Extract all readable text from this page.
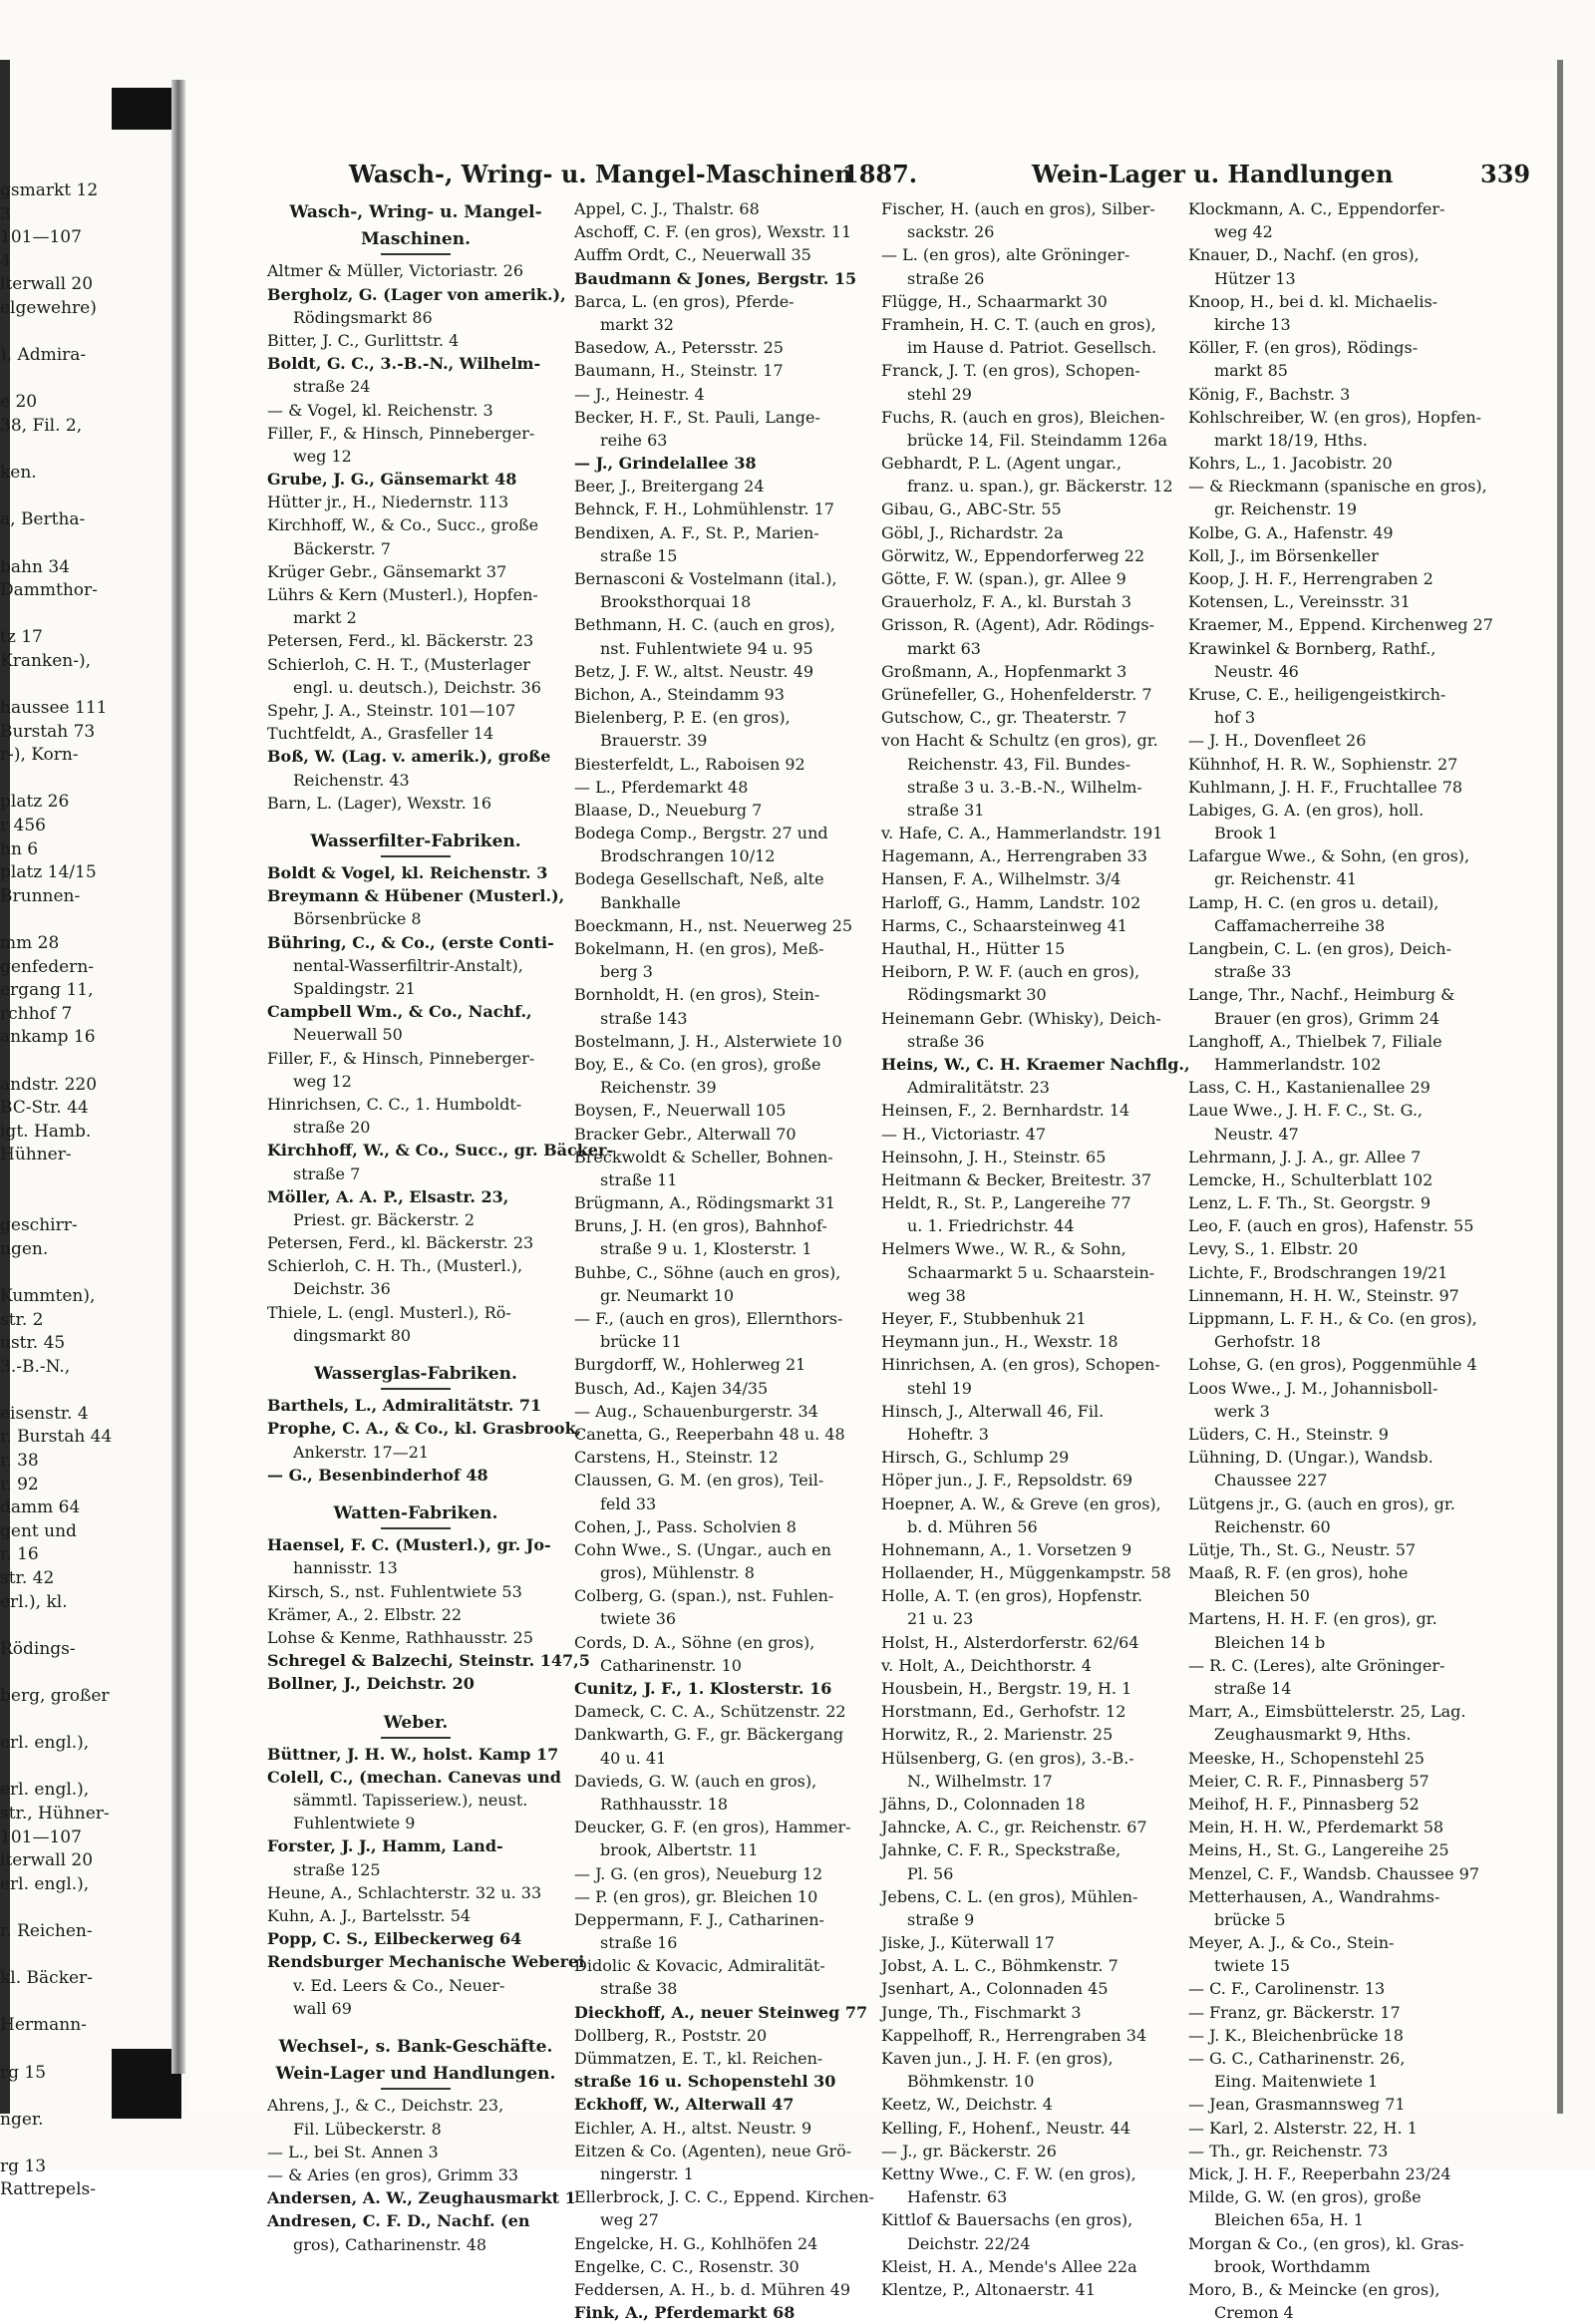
gsmarkt 12
3
101—107
4
lterwall 20
elgewehre)
), Admira-
e 20
38, Fil. 2,
ken.
a, Bertha-
bahn 34
Dammthor-
tz 17
Kranken-),
haussee 111
Burstah 73
r-), Korn-
platz 26
r 456
hn 6
platz 14/15
Brunnen-
mm 28
genfedern-
ergang 11,
rchhof 7
ankamp 16
andstr. 220
BC-Str. 44
igt. Hamb.
Hühner-
geschirr-
ngen.
Kummten),
str. 2
ustr. 45
3.-B.-N.,
eisenstr. 4
r. Burstah 44
r. 38
r. 92
damm 64
gent und
r. 16
str. 42
erl.), kl.
Rödings-
berg, großer
erl. engl.),
erl. engl.),
str., Hühner-
101—107
lterwall 20
erl. engl.),
r. Reichen-
kl. Bäcker-
Hermann-
rg 15
nger.
rg 13
Rattrepels-
Wasch-, Wring- u. Mangel-Maschinen
1887.	Wein-Lager u. Handlungen	339
Wasch-, Wring- u. Mangel-
Maschinen.
Altmer & Müller, Victoriastr. 26
Bergholz, G. (Lager von amerik.),
Rödingsmarkt 86
Bitter, J. C., Gurlittstr. 4
Boldt, G. C., 3.-B.-N., Wilhelm-
straße 24
— & Vogel, kl. Reichenstr. 3
Filler, F., & Hinsch, Pinneberger-
weg 12
Grube, J. G., Gänsemarkt 48
Hütter jr., H., Niedernstr. 113
Kirchhoff, W., & Co., Succ., große
Bäckerstr. 7
Krüger Gebr., Gänsemarkt 37
Lührs & Kern (Musterl.), Hopfen-
markt 2
Petersen, Ferd., kl. Bäckerstr. 23
Schierloh, C. H. T., (Musterlager
engl. u. deutsch.), Deichstr. 36
Spehr, J. A., Steinstr. 101—107
Tuchtfeldt, A., Grasfeller 14
Boß, W. (Lag. v. amerik.), große
Reichenstr. 43
Barn, L. (Lager), Wexstr. 16
Wasserfilter-Fabriken.
Boldt & Vogel, kl. Reichenstr. 3
Breymann & Hübener (Musterl.),
Börsenbrücke 8
Bühring, C., & Co., (erste Conti-
nental-Wasserfiltrir-Anstalt),
Spaldingstr. 21
Campbell Wm., & Co., Nachf.,
Neuerwall 50
Filler, F., & Hinsch, Pinneberger-
weg 12
Hinrichsen, C. C., 1. Humboldt-
straße 20
Kirchhoff, W., & Co., Succ., gr. Bäcker-
straße 7
Möller, A. A. P., Elsastr. 23,
Priest. gr. Bäckerstr. 2
Petersen, Ferd., kl. Bäckerstr. 23
Schierloh, C. H. Th., (Musterl.),
Deichstr. 36
Thiele, L. (engl. Musterl.), Rö-
dingsmarkt 80
Wasserglas-Fabriken.
Barthels, L., Admiralitätstr. 71
Prophe, C. A., & Co., kl. Grasbrook,
Ankerstr. 17—21
— G., Besenbinderhof 48
Watten-Fabriken.
Haensel, F. C. (Musterl.), gr. Jo-
hannisstr. 13
Kirsch, S., nst. Fuhlentwiete 53
Krämer, A., 2. Elbstr. 22
Lohse & Kenme, Rathhausstr. 25
Schregel & Balzechi, Steinstr. 147,5
Bollner, J., Deichstr. 20
Weber.
Büttner, J. H. W., holst. Kamp 17
Colell, C., (mechan. Canevas und
sämmtl. Tapisseriew.), neust.
Fuhlentwiete 9
Forster, J. J., Hamm, Land-
straße 125
Heune, A., Schlachterstr. 32 u. 33
Kuhn, A. J., Bartelsstr. 54
Popp, C. S., Eilbeckerweg 64
Rendsburger Mechanische Weberei
v. Ed. Leers & Co., Neuer-
wall 69
Wechsel-, s. Bank-Geschäfte.
Wein-Lager und Handlungen.
Ahrens, J., & C., Deichstr. 23,
Fil. Lübeckerstr. 8
— L., bei St. Annen 3
— & Aries (en gros), Grimm 33
Andersen, A. W., Zeughausmarkt 1
Andresen, C. F. D., Nachf. (en
gros), Catharinenstr. 48
Appel, C. J., Thalstr. 68
Aschoff, C. F. (en gros), Wexstr. 11
Auffm Ordt, C., Neuerwall 35
Baudmann & Jones, Bergstr. 15
Barca, L. (en gros), Pferde-
markt 32
Basedow, A., Petersstr. 25
Baumann, H., Steinstr. 17
— J., Heinestr. 4
Becker, H. F., St. Pauli, Lange-
reihe 63
— J., Grindelallee 38
Beer, J., Breitergang 24
Behnck, F. H., Lohmühlenstr. 17
Bendixen, A. F., St. P., Marien-
straße 15
Bernasconi & Vostelmann (ital.),
Brooksthorquai 18
Bethmann, H. C. (auch en gros),
nst. Fuhlentwiete 94 u. 95
Betz, J. F. W., altst. Neustr. 49
Bichon, A., Steindamm 93
Bielenberg, P. E. (en gros),
Brauerstr. 39
Biesterfeldt, L., Raboisen 92
— L., Pferdemarkt 48
Blaase, D., Neueburg 7
Bodega Comp., Bergstr. 27 und
Brodschrangen 10/12
Bodega Gesellschaft, Neß, alte
Bankhalle
Boeckmann, H., nst. Neuerweg 25
Bokelmann, H. (en gros), Meß-
berg 3
Bornholdt, H. (en gros), Stein-
straße 143
Bostelmann, J. H., Alsterwiete 10
Boy, E., & Co. (en gros), große
Reichenstr. 39
Boysen, F., Neuerwall 105
Bracker Gebr., Alterwall 70
Breckwoldt & Scheller, Bohnen-
straße 11
Brügmann, A., Rödingsmarkt 31
Bruns, J. H. (en gros), Bahnhof-
straße 9 u. 1, Klosterstr. 1
Buhbe, C., Söhne (auch en gros),
gr. Neumarkt 10
— F., (auch en gros), Ellernthors-
brücke 11
Burgdorff, W., Hohlerweg 21
Busch, Ad., Kajen 34/35
— Aug., Schauenburgerstr. 34
Canetta, G., Reeperbahn 48 u. 48
Carstens, H., Steinstr. 12
Claussen, G. M. (en gros), Teil-
feld 33
Cohen, J., Pass. Scholvien 8
Cohn Wwe., S. (Ungar., auch en
gros), Mühlenstr. 8
Colberg, G. (span.), nst. Fuhlen-
twiete 36
Cords, D. A., Söhne (en gros),
Catharinenstr. 10
Cunitz, J. F., 1. Klosterstr. 16
Dameck, C. C. A., Schützenstr. 22
Dankwarth, G. F., gr. Bäckergang
40 u. 41
Davieds, G. W. (auch en gros),
Rathhausstr. 18
Deucker, G. F. (en gros), Hammer-
brook, Albertstr. 11
— J. G. (en gros), Neueburg 12
— P. (en gros), gr. Bleichen 10
Deppermann, F. J., Catharinen-
straße 16
Didolic & Kovacic, Admiralität-
straße 38
Dieckhoff, A., neuer Steinweg 77
Dollberg, R., Poststr. 20
Dümmatzen, E. T., kl. Reichen-
straße 16 u. Schopenstehl 30
Eckhoff, W., Alterwall 47
Eichler, A. H., altst. Neustr. 9
Eitzen & Co. (Agenten), neue Grö-
ningerstr. 1
Ellerbrock, J. C. C., Eppend. Kirchen-
weg 27
Engelcke, H. G., Kohlhöfen 24
Engelke, C. C., Rosenstr. 30
Feddersen, A. H., b. d. Mühren 49
Fink, A., Pferdemarkt 68
Fischer, H. (auch en gros), Silber-
sackstr. 26
— L. (en gros), alte Gröninger-
straße 26
Flügge, H., Schaarmarkt 30
Framhein, H. C. T. (auch en gros),
im Hause d. Patriot. Gesellsch.
Franck, J. T. (en gros), Schopen-
stehl 29
Fuchs, R. (auch en gros), Bleichen-
brücke 14, Fil. Steindamm 126a
Gebhardt, P. L. (Agent ungar.,
franz. u. span.), gr. Bäckerstr. 12
Gibau, G., ABC-Str. 55
Göbl, J., Richardstr. 2a
Görwitz, W., Eppendorferweg 22
Götte, F. W. (span.), gr. Allee 9
Grauerholz, F. A., kl. Burstah 3
Grisson, R. (Agent), Adr. Rödings-
markt 63
Großmann, A., Hopfenmarkt 3
Grünefeller, G., Hohenfelderstr. 7
Gutschow, C., gr. Theaterstr. 7
von Hacht & Schultz (en gros), gr.
Reichenstr. 43, Fil. Bundes-
straße 3 u. 3.-B.-N., Wilhelm-
straße 31
v. Hafe, C. A., Hammerlandstr. 191
Hagemann, A., Herrengraben 33
Hansen, F. A., Wilhelmstr. 3/4
Harloff, G., Hamm, Landstr. 102
Harms, C., Schaarsteinweg 41
Hauthal, H., Hütter 15
Heiborn, P. W. F. (auch en gros),
Rödingsmarkt 30
Heinemann Gebr. (Whisky), Deich-
straße 36
Heins, W., C. H. Kraemer Nachflg.,
Admiralitätstr. 23
Heinsen, F., 2. Bernhardstr. 14
— H., Victoriastr. 47
Heinsohn, J. H., Steinstr. 65
Heitmann & Becker, Breitestr. 37
Heldt, R., St. P., Langereihe 77
u. 1. Friedrichstr. 44
Helmers Wwe., W. R., & Sohn,
Schaarmarkt 5 u. Schaarstein-
weg 38
Heyer, F., Stubbenhuk 21
Heymann jun., H., Wexstr. 18
Hinrichsen, A. (en gros), Schopen-
stehl 19
Hinsch, J., Alterwall 46, Fil.
Hoheftr. 3
Hirsch, G., Schlump 29
Höper jun., J. F., Repsoldstr. 69
Hoepner, A. W., & Greve (en gros),
b. d. Mühren 56
Hohnemann, A., 1. Vorsetzen 9
Hollaender, H., Müggenkampstr. 58
Holle, A. T. (en gros), Hopfenstr.
21 u. 23
Holst, H., Alsterdorferstr. 62/64
v. Holt, A., Deichthorstr. 4
Housbein, H., Bergstr. 19, H. 1
Horstmann, Ed., Gerhofstr. 12
Horwitz, R., 2. Marienstr. 25
Hülsenberg, G. (en gros), 3.-B.-
N., Wilhelmstr. 17
Jähns, D., Colonnaden 18
Jahncke, A. C., gr. Reichenstr. 67
Jahnke, C. F. R., Speckstraße,
Pl. 56
Jebens, C. L. (en gros), Mühlen-
straße 9
Jiske, J., Küterwall 17
Jobst, A. L. C., Böhmkenstr. 7
Jsenhart, A., Colonnaden 45
Junge, Th., Fischmarkt 3
Kappelhoff, R., Herrengraben 34
Kaven jun., J. H. F. (en gros),
Böhmkenstr. 10
Keetz, W., Deichstr. 4
Kelling, F., Hohenf., Neustr. 44
— J., gr. Bäckerstr. 26
Kettny Wwe., C. F. W. (en gros),
Hafenstr. 63
Kittlof & Bauersachs (en gros),
Deichstr. 22/24
Kleist, H. A., Mende's Allee 22a
Klentze, P., Altonaerstr. 41
Klockmann, A. C., Eppendorfer-
weg 42
Knauer, D., Nachf. (en gros),
Hützer 13
Knoop, H., bei d. kl. Michaelis-
kirche 13
Köller, F. (en gros), Rödings-
markt 85
König, F., Bachstr. 3
Kohlschreiber, W. (en gros), Hopfen-
markt 18/19, Hths.
Kohrs, L., 1. Jacobistr. 20
— & Rieckmann (spanische en gros),
gr. Reichenstr. 19
Kolbe, G. A., Hafenstr. 49
Koll, J., im Börsenkeller
Koop, J. H. F., Herrengraben 2
Kotensen, L., Vereinsstr. 31
Kraemer, M., Eppend. Kirchenweg 27
Krawinkel & Bornberg, Rathf.,
Neustr. 46
Kruse, C. E., heiligengeistkirch-
hof 3
— J. H., Dovenfleet 26
Kühnhof, H. R. W., Sophienstr. 27
Kuhlmann, J. H. F., Fruchtallee 78
Labiges, G. A. (en gros), holl.
Brook 1
Lafargue Wwe., & Sohn, (en gros),
gr. Reichenstr. 41
Lamp, H. C. (en gros u. detail),
Caffamacherreihe 38
Langbein, C. L. (en gros), Deich-
straße 33
Lange, Thr., Nachf., Heimburg &
Brauer (en gros), Grimm 24
Langhoff, A., Thielbek 7, Filiale
Hammerlandstr. 102
Lass, C. H., Kastanienallee 29
Laue Wwe., J. H. F. C., St. G.,
Neustr. 47
Lehrmann, J. J. A., gr. Allee 7
Lemcke, H., Schulterblatt 102
Lenz, L. F. Th., St. Georgstr. 9
Leo, F. (auch en gros), Hafenstr. 55
Levy, S., 1. Elbstr. 20
Lichte, F., Brodschrangen 19/21
Linnemann, H. H. W., Steinstr. 97
Lippmann, L. F. H., & Co. (en gros),
Gerhofstr. 18
Lohse, G. (en gros), Poggenmühle 4
Loos Wwe., J. M., Johannisboll-
werk 3
Lüders, C. H., Steinstr. 9
Lühning, D. (Ungar.), Wandsb.
Chaussee 227
Lütgens jr., G. (auch en gros), gr.
Reichenstr. 60
Lütje, Th., St. G., Neustr. 57
Maaß, R. F. (en gros), hohe
Bleichen 50
Martens, H. H. F. (en gros), gr.
Bleichen 14 b
— R. C. (Leres), alte Gröninger-
straße 14
Marr, A., Eimsbüttelerstr. 25, Lag.
Zeughausmarkt 9, Hths.
Meeske, H., Schopenstehl 25
Meier, C. R. F., Pinnasberg 57
Meihof, H. F., Pinnasberg 52
Mein, H. H. W., Pferdemarkt 58
Meins, H., St. G., Langereihe 25
Menzel, C. F., Wandsb. Chaussee 97
Metterhausen, A., Wandrahms-
brücke 5
Meyer, A. J., & Co., Stein-
twiete 15
— C. F., Carolinenstr. 13
— Franz, gr. Bäckerstr. 17
— J. K., Bleichenbrücke 18
— G. C., Catharinenstr. 26,
Eing. Maitenwiete 1
— Jean, Grasmannsweg 71
— Karl, 2. Alsterstr. 22, H. 1
— Th., gr. Reichenstr. 73
Mick, J. H. F., Reeperbahn 23/24
Milde, G. W. (en gros), große
Bleichen 65a, H. 1
Morgan & Co., (en gros), kl. Gras-
brook, Worthdamm
Moro, B., & Meincke (en gros),
Cremon 4
